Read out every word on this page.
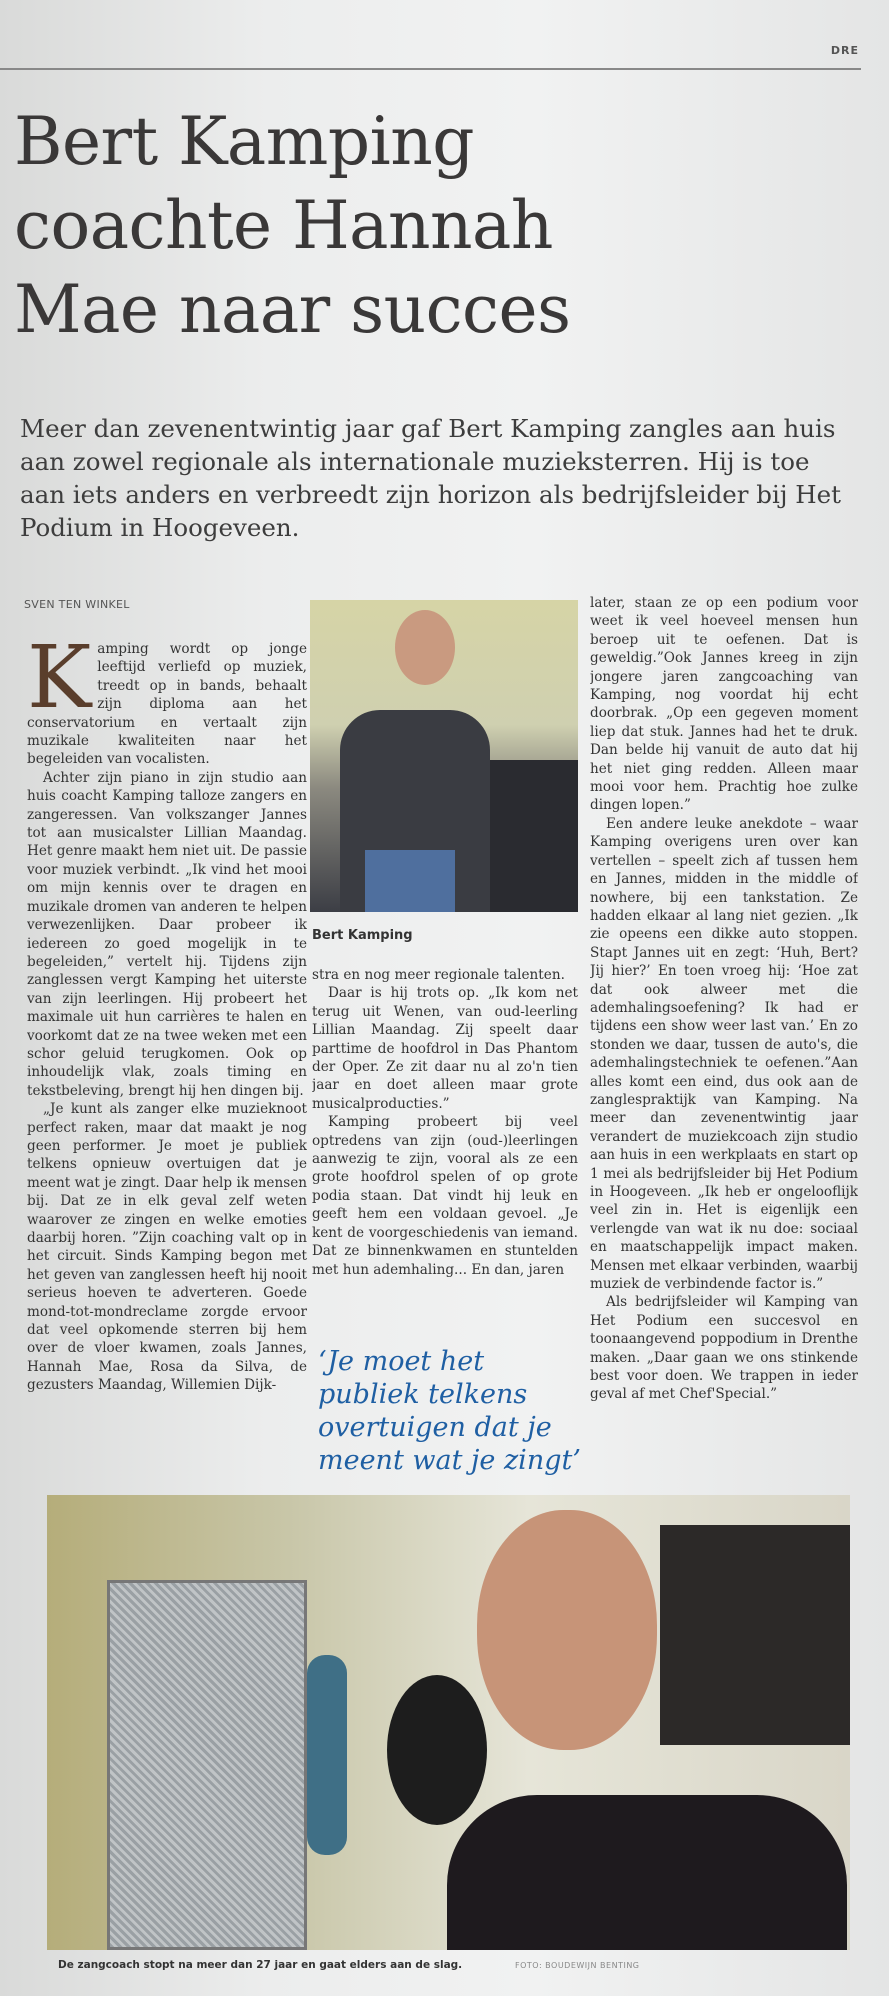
DRE
Bert Kamping coachte Hannah Mae naar succes
Meer dan zevenentwintig jaar gaf Bert Kamping zangles aan huis aan zowel regionale als internationale muzieksterren. Hij is toe aan iets anders en verbreedt zijn horizon als bedrijfsleider bij Het Podium in Hoogeveen.
SVEN TEN WINKEL

Kamping wordt op jonge leeftijd verliefd op muziek, treedt op in bands, behaalt zijn diploma aan het conservatorium en vertaalt zijn muzikale kwaliteiten naar het begeleiden van vocalisten.

Achter zijn piano in zijn studio aan huis coacht Kamping talloze zangers en zangeressen. Van volkszanger Jannes tot aan musicalster Lillian Maandag. Het genre maakt hem niet uit. De passie voor muziek verbindt. „Ik vind het mooi om mijn kennis over te dragen en muzikale dromen van anderen te helpen verwezenlijken. Daar probeer ik iedereen zo goed mogelijk in te begeleiden,” vertelt hij. Tijdens zijn zanglessen vergt Kamping het uiterste van zijn leerlingen. Hij probeert het maximale uit hun carrières te halen en voorkomt dat ze na twee weken met een schor geluid terugkomen. Ook op inhoudelijk vlak, zoals timing en tekstbeleving, brengt hij hen dingen bij.

„Je kunt als zanger elke muzieknoot perfect raken, maar dat maakt je nog geen performer. Je moet je publiek telkens opnieuw overtuigen dat je meent wat je zingt. Daar help ik mensen bij. Dat ze in elk geval zelf weten waarover ze zingen en welke emoties daarbij horen. ”Zijn coaching valt op in het circuit. Sinds Kamping begon met het geven van zanglessen heeft hij nooit serieus hoeven te adverteren. Goede mond-tot-mondreclame zorgde ervoor dat veel opkomende sterren bij hem over de vloer kwamen, zoals Jannes, Hannah Mae, Rosa da Silva, de gezusters Maandag, Willemien Dijk-

Bert Kamping

stra en nog meer regionale talenten.

Daar is hij trots op. „Ik kom net terug uit Wenen, van oud-leerling Lillian Maandag. Zij speelt daar parttime de hoofdrol in Das Phantom der Oper. Ze zit daar nu al zo'n tien jaar en doet alleen maar grote musicalproducties.”

Kamping probeert bij veel optredens van zijn (oud-)leerlingen aanwezig te zijn, vooral als ze een grote hoofdrol spelen of op grote podia staan. Dat vindt hij leuk en geeft hem een voldaan gevoel. „Je kent de voorgeschiedenis van iemand. Dat ze binnenkwamen en stuntelden met hun ademhaling... En dan, jaren

‘Je moet het publiek telkens overtuigen dat je meent wat je zingt’

later, staan ze op een podium voor weet ik veel hoeveel mensen hun beroep uit te oefenen. Dat is geweldig.”Ook Jannes kreeg in zijn jongere jaren zangcoaching van Kamping, nog voordat hij echt doorbrak. „Op een gegeven moment liep dat stuk. Jannes had het te druk. Dan belde hij vanuit de auto dat hij het niet ging redden. Alleen maar mooi voor hem. Prachtig hoe zulke dingen lopen.”

Een andere leuke anekdote – waar Kamping overigens uren over kan vertellen – speelt zich af tussen hem en Jannes, midden in the middle of nowhere, bij een tankstation. Ze hadden elkaar al lang niet gezien. „Ik zie opeens een dikke auto stoppen. Stapt Jannes uit en zegt: ‘Huh, Bert? Jij hier?’ En toen vroeg hij: ‘Hoe zat dat ook alweer met die ademhalingsoefening? Ik had er tijdens een show weer last van.’ En zo stonden we daar, tussen de auto's, die ademhalingstechniek te oefenen.”Aan alles komt een eind, dus ook aan de zanglespraktijk van Kamping. Na meer dan zevenentwintig jaar verandert de muziekcoach zijn studio aan huis in een werkplaats en start op 1 mei als bedrijfsleider bij Het Podium in Hoogeveen. „Ik heb er ongelooflijk veel zin in. Het is eigenlijk een verlengde van wat ik nu doe: sociaal en maatschappelijk impact maken. Mensen met elkaar verbinden, waarbij muziek de verbindende factor is.”

Als bedrijfsleider wil Kamping van Het Podium een succesvol en toonaangevend poppodium in Drenthe maken. „Daar gaan we ons stinkende best voor doen. We trappen in ieder geval af met Chef'Special.”

De zangcoach stopt na meer dan 27 jaar en gaat elders aan de slag.	FOTO: BOUDEWIJN BENTING
